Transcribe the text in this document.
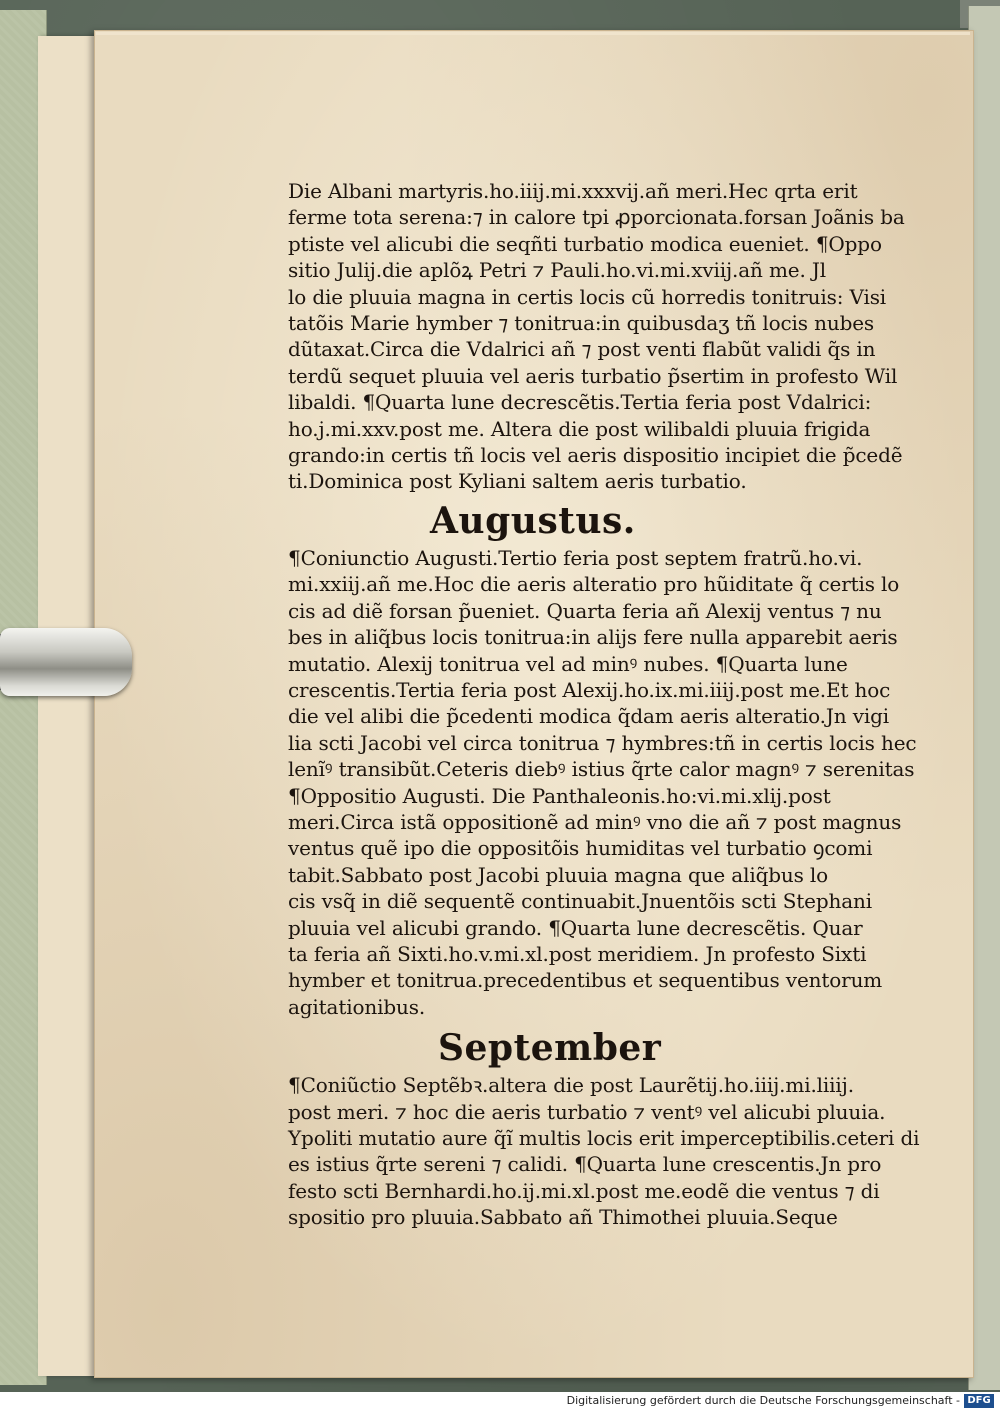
Die Albani martyris.ho.iiij.mi.xxxvij.añ meri.Hec qrta erit
ferme tota serena:⁊ in calore tpi ꝓporcionata.forsan Joãnis ba
ptiste vel alicubi die seqñti turbatio modica eueniet. ¶Oppo
sitio Julij.die aplõꝝ Petri ⁊ Pauli.ho.vi.mi.xviij.añ me. Jl
lo die pluuia magna in certis locis cũ horredis tonitruis: Visi
tatõis Marie hymber ⁊ tonitrua:in quibusdaʒ tñ locis nubes
dũtaxat.Circa die Vdalrici añ ⁊ post venti flabũt validi q̃s in
terdũ sequet pluuia vel aeris turbatio p̃sertim in profesto Wil
libaldi. ¶Quarta lune decrescẽtis.Tertia feria post Vdalrici:
ho.j.mi.xxv.post me. Altera die post wilibaldi pluuia frigida
grando:in certis tñ locis vel aeris dispositio incipiet die p̃cedẽ
ti.Dominica post Kyliani saltem aeris turbatio.
Augustus.
¶Coniunctio Augusti.Tertio feria post septem fratrũ.ho.vi.
mi.xxiij.añ me.Hoc die aeris alteratio pro hũiditate q̃ certis lo
cis ad diẽ forsan p̃ueniet. Quarta feria añ Alexij ventus ⁊ nu
bes in aliq̃bus locis tonitrua:in alijs fere nulla apparebit aeris
mutatio. Alexij tonitrua vel ad minꝰ nubes. ¶Quarta lune
crescentis.Tertia feria post Alexij.ho.ix.mi.iiij.post me.Et hoc
die vel alibi die p̃cedenti modica q̃dam aeris alteratio.Jn vigi
lia scti Jacobi vel circa tonitrua ⁊ hymbres:tñ in certis locis hec
lenĩꝰ transibũt.Ceteris diebꝰ istius q̃rte calor magnꝰ ⁊ serenitas
¶Oppositio Augusti. Die Panthaleonis.ho:vi.mi.xlij.post
meri.Circa istã oppositionẽ ad minꝰ vno die añ ⁊ post magnus
ventus quẽ ipo die oppositõis humiditas vel turbatio ꝯcomi
tabit.Sabbato post Jacobi pluuia magna que aliq̃bus lo
cis vsq̃ in diẽ sequentẽ continuabit.Jnuentõis scti Stephani
pluuia vel alicubi grando. ¶Quarta lune decrescẽtis. Quar
ta feria añ Sixti.ho.v.mi.xl.post meridiem. Jn profesto Sixti
hymber et tonitrua.precedentibus et sequentibus ventorum
agitationibus.
September
¶Coniũctio Septẽbꝛ.altera die post Laurẽtij.ho.iiij.mi.liiij.
post meri. ⁊ hoc die aeris turbatio ⁊ ventꝰ vel alicubi pluuia.
Ypoliti mutatio aure q̃ĩ multis locis erit imperceptibilis.ceteri di
es istius q̃rte sereni ⁊ calidi. ¶Quarta lune crescentis.Jn pro
festo scti Bernhardi.ho.ij.mi.xl.post me.eodẽ die ventus ⁊ di
spositio pro pluuia.Sabbato añ Thimothei pluuia.Seque
Digitalisierung gefördert durch die Deutsche Forschungsgemeinschaft - DFG
